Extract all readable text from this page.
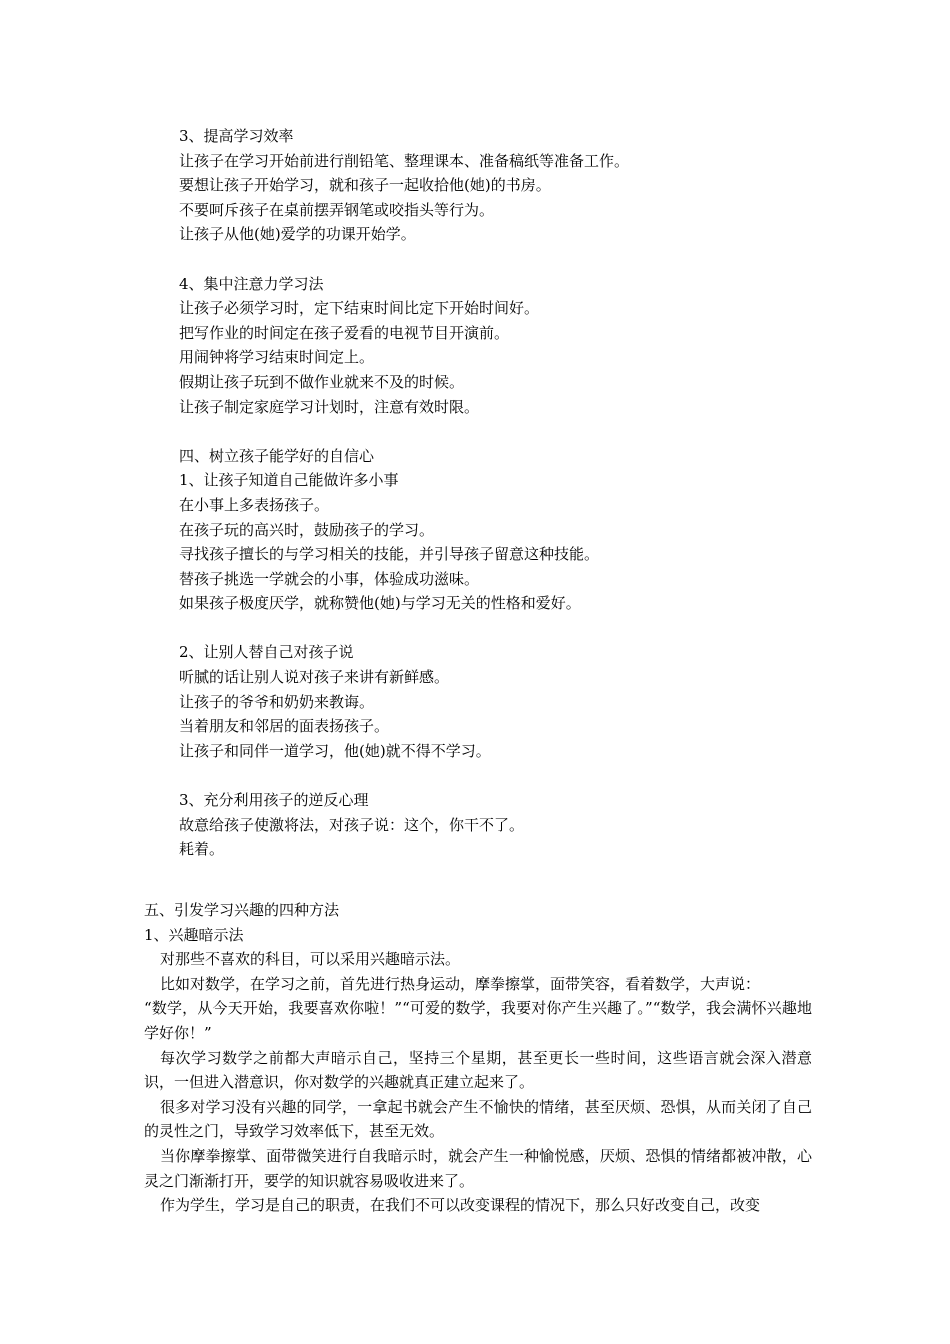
3、提高学习效率
让孩子在学习开始前进行削铅笔、整理课本、准备稿纸等准备工作。
要想让孩子开始学习，就和孩子一起收拾他(她)的书房。
不要呵斥孩子在桌前摆弄钢笔或咬指头等行为。
让孩子从他(她)爱学的功课开始学。
4、集中注意力学习法
让孩子必须学习时，定下结束时间比定下开始时间好。
把写作业的时间定在孩子爱看的电视节目开演前。
用闹钟将学习结束时间定上。
假期让孩子玩到不做作业就来不及的时候。
让孩子制定家庭学习计划时，注意有效时限。
四、树立孩子能学好的自信心
1、让孩子知道自己能做许多小事
在小事上多表扬孩子。
在孩子玩的高兴时，鼓励孩子的学习。
寻找孩子擅长的与学习相关的技能，并引导孩子留意这种技能。
替孩子挑选一学就会的小事，体验成功滋味。
如果孩子极度厌学，就称赞他(她)与学习无关的性格和爱好。
2、让别人替自己对孩子说
听腻的话让别人说对孩子来讲有新鲜感。
让孩子的爷爷和奶奶来教诲。
当着朋友和邻居的面表扬孩子。
让孩子和同伴一道学习，他(她)就不得不学习。
3、充分利用孩子的逆反心理
故意给孩子使激将法，对孩子说：这个，你干不了。
耗着。
五、引发学习兴趣的四种方法
1、兴趣暗示法

对那些不喜欢的科目，可以采用兴趣暗示法。

比如对数学，在学习之前，首先进行热身运动，摩拳擦掌，面带笑容，看着数学，大声说：

“数学，从今天开始，我要喜欢你啦！”“可爱的数学，我要对你产生兴趣了。”“数学，我会满怀兴趣地学好你！”

每次学习数学之前都大声暗示自己，坚持三个星期，甚至更长一些时间，这些语言就会深入潜意识，一但进入潜意识，你对数学的兴趣就真正建立起来了。

很多对学习没有兴趣的同学，一拿起书就会产生不愉快的情绪，甚至厌烦、恐惧，从而关闭了自己的灵性之门，导致学习效率低下，甚至无效。

当你摩拳擦掌、面带微笑进行自我暗示时，就会产生一种愉悦感，厌烦、恐惧的情绪都被冲散，心灵之门渐渐打开，要学的知识就容易吸收进来了。

作为学生，学习是自己的职责，在我们不可以改变课程的情况下，那么只好改变自己，改变
